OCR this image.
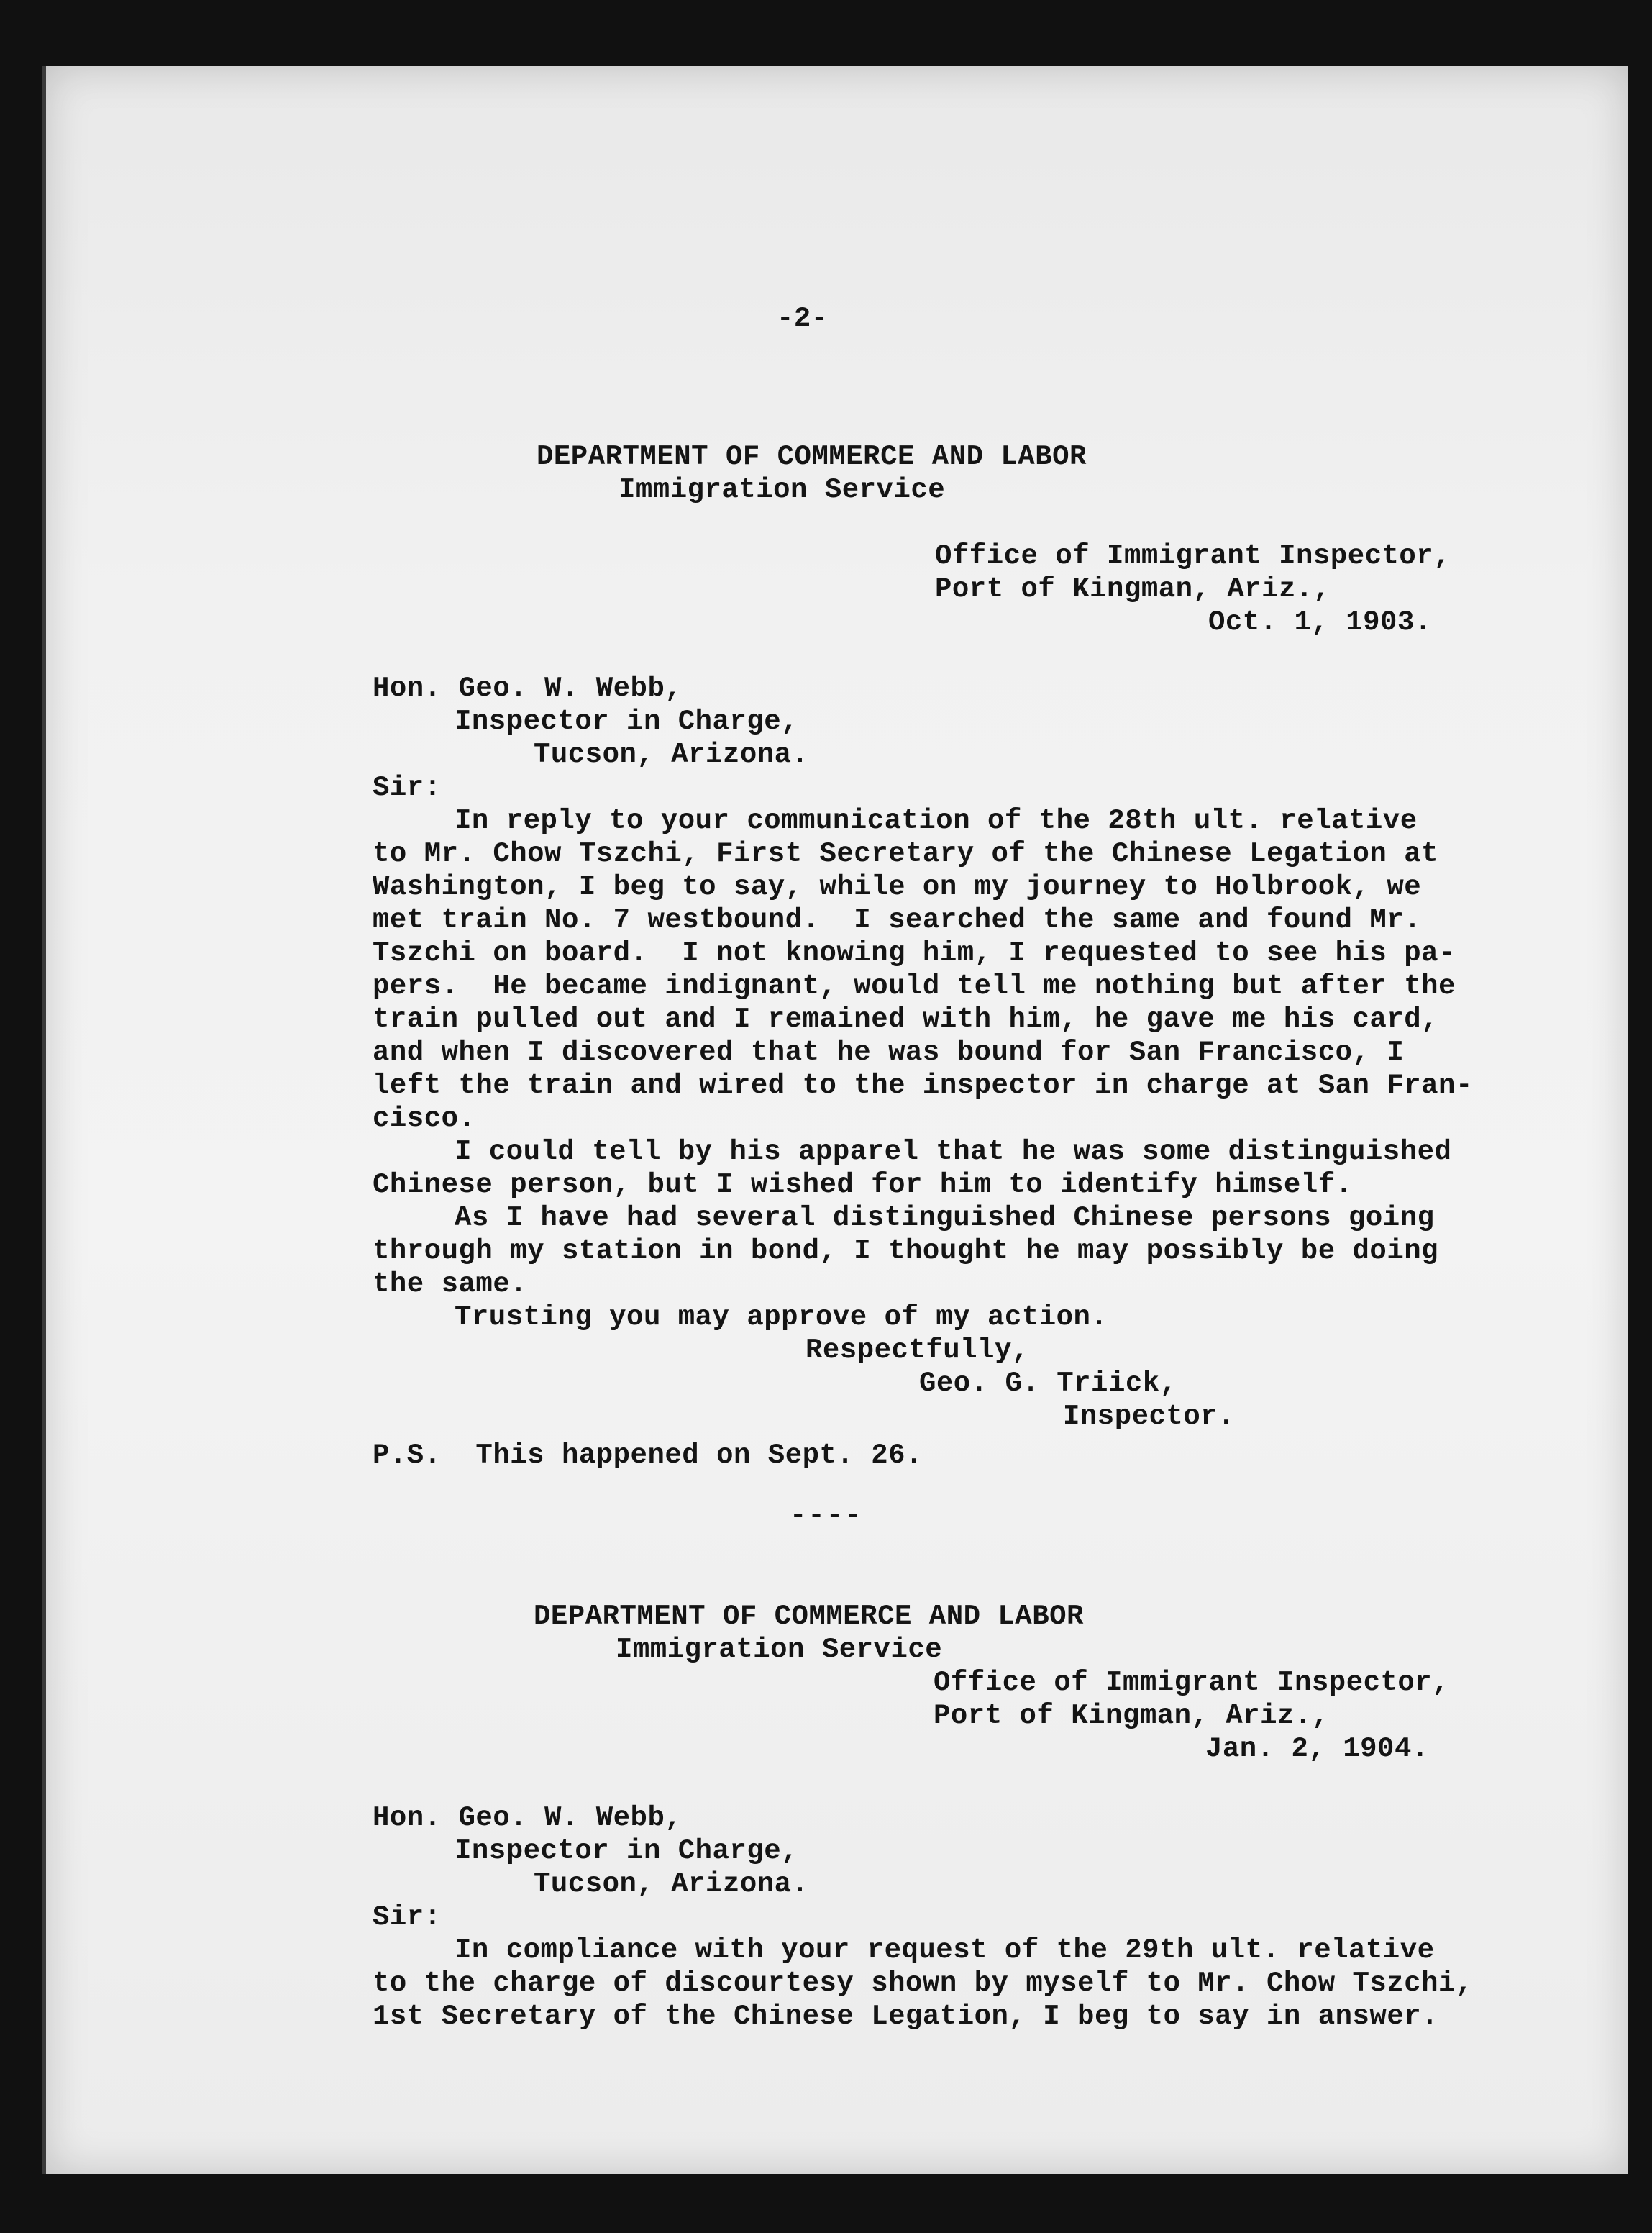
-2-
DEPARTMENT OF COMMERCE AND LABOR
Immigration Service
Office of Immigrant Inspector,
Port of Kingman, Ariz.,
Oct. 1, 1903.
Hon. Geo. W. Webb,
Inspector in Charge,
Tucson, Arizona.
Sir:
In reply to your communication of the 28th ult. relative
to Mr. Chow Tszchi, First Secretary of the Chinese Legation at
Washington, I beg to say, while on my journey to Holbrook, we
met train No. 7 westbound.  I searched the same and found Mr.
Tszchi on board.  I not knowing him, I requested to see his pa-
pers.  He became indignant, would tell me nothing but after the
train pulled out and I remained with him, he gave me his card,
and when I discovered that he was bound for San Francisco, I
left the train and wired to the inspector in charge at San Fran-
cisco.
I could tell by his apparel that he was some distinguished
Chinese person, but I wished for him to identify himself.
As I have had several distinguished Chinese persons going
through my station in bond, I thought he may possibly be doing
the same.
Trusting you may approve of my action.
Respectfully,
Geo. G. Triick,
Inspector.
P.S.  This happened on Sept. 26.
----
DEPARTMENT OF COMMERCE AND LABOR
Immigration Service
Office of Immigrant Inspector,
Port of Kingman, Ariz.,
Jan. 2, 1904.
Hon. Geo. W. Webb,
Inspector in Charge,
Tucson, Arizona.
Sir:
In compliance with your request of the 29th ult. relative
to the charge of discourtesy shown by myself to Mr. Chow Tszchi,
1st Secretary of the Chinese Legation, I beg to say in answer.
